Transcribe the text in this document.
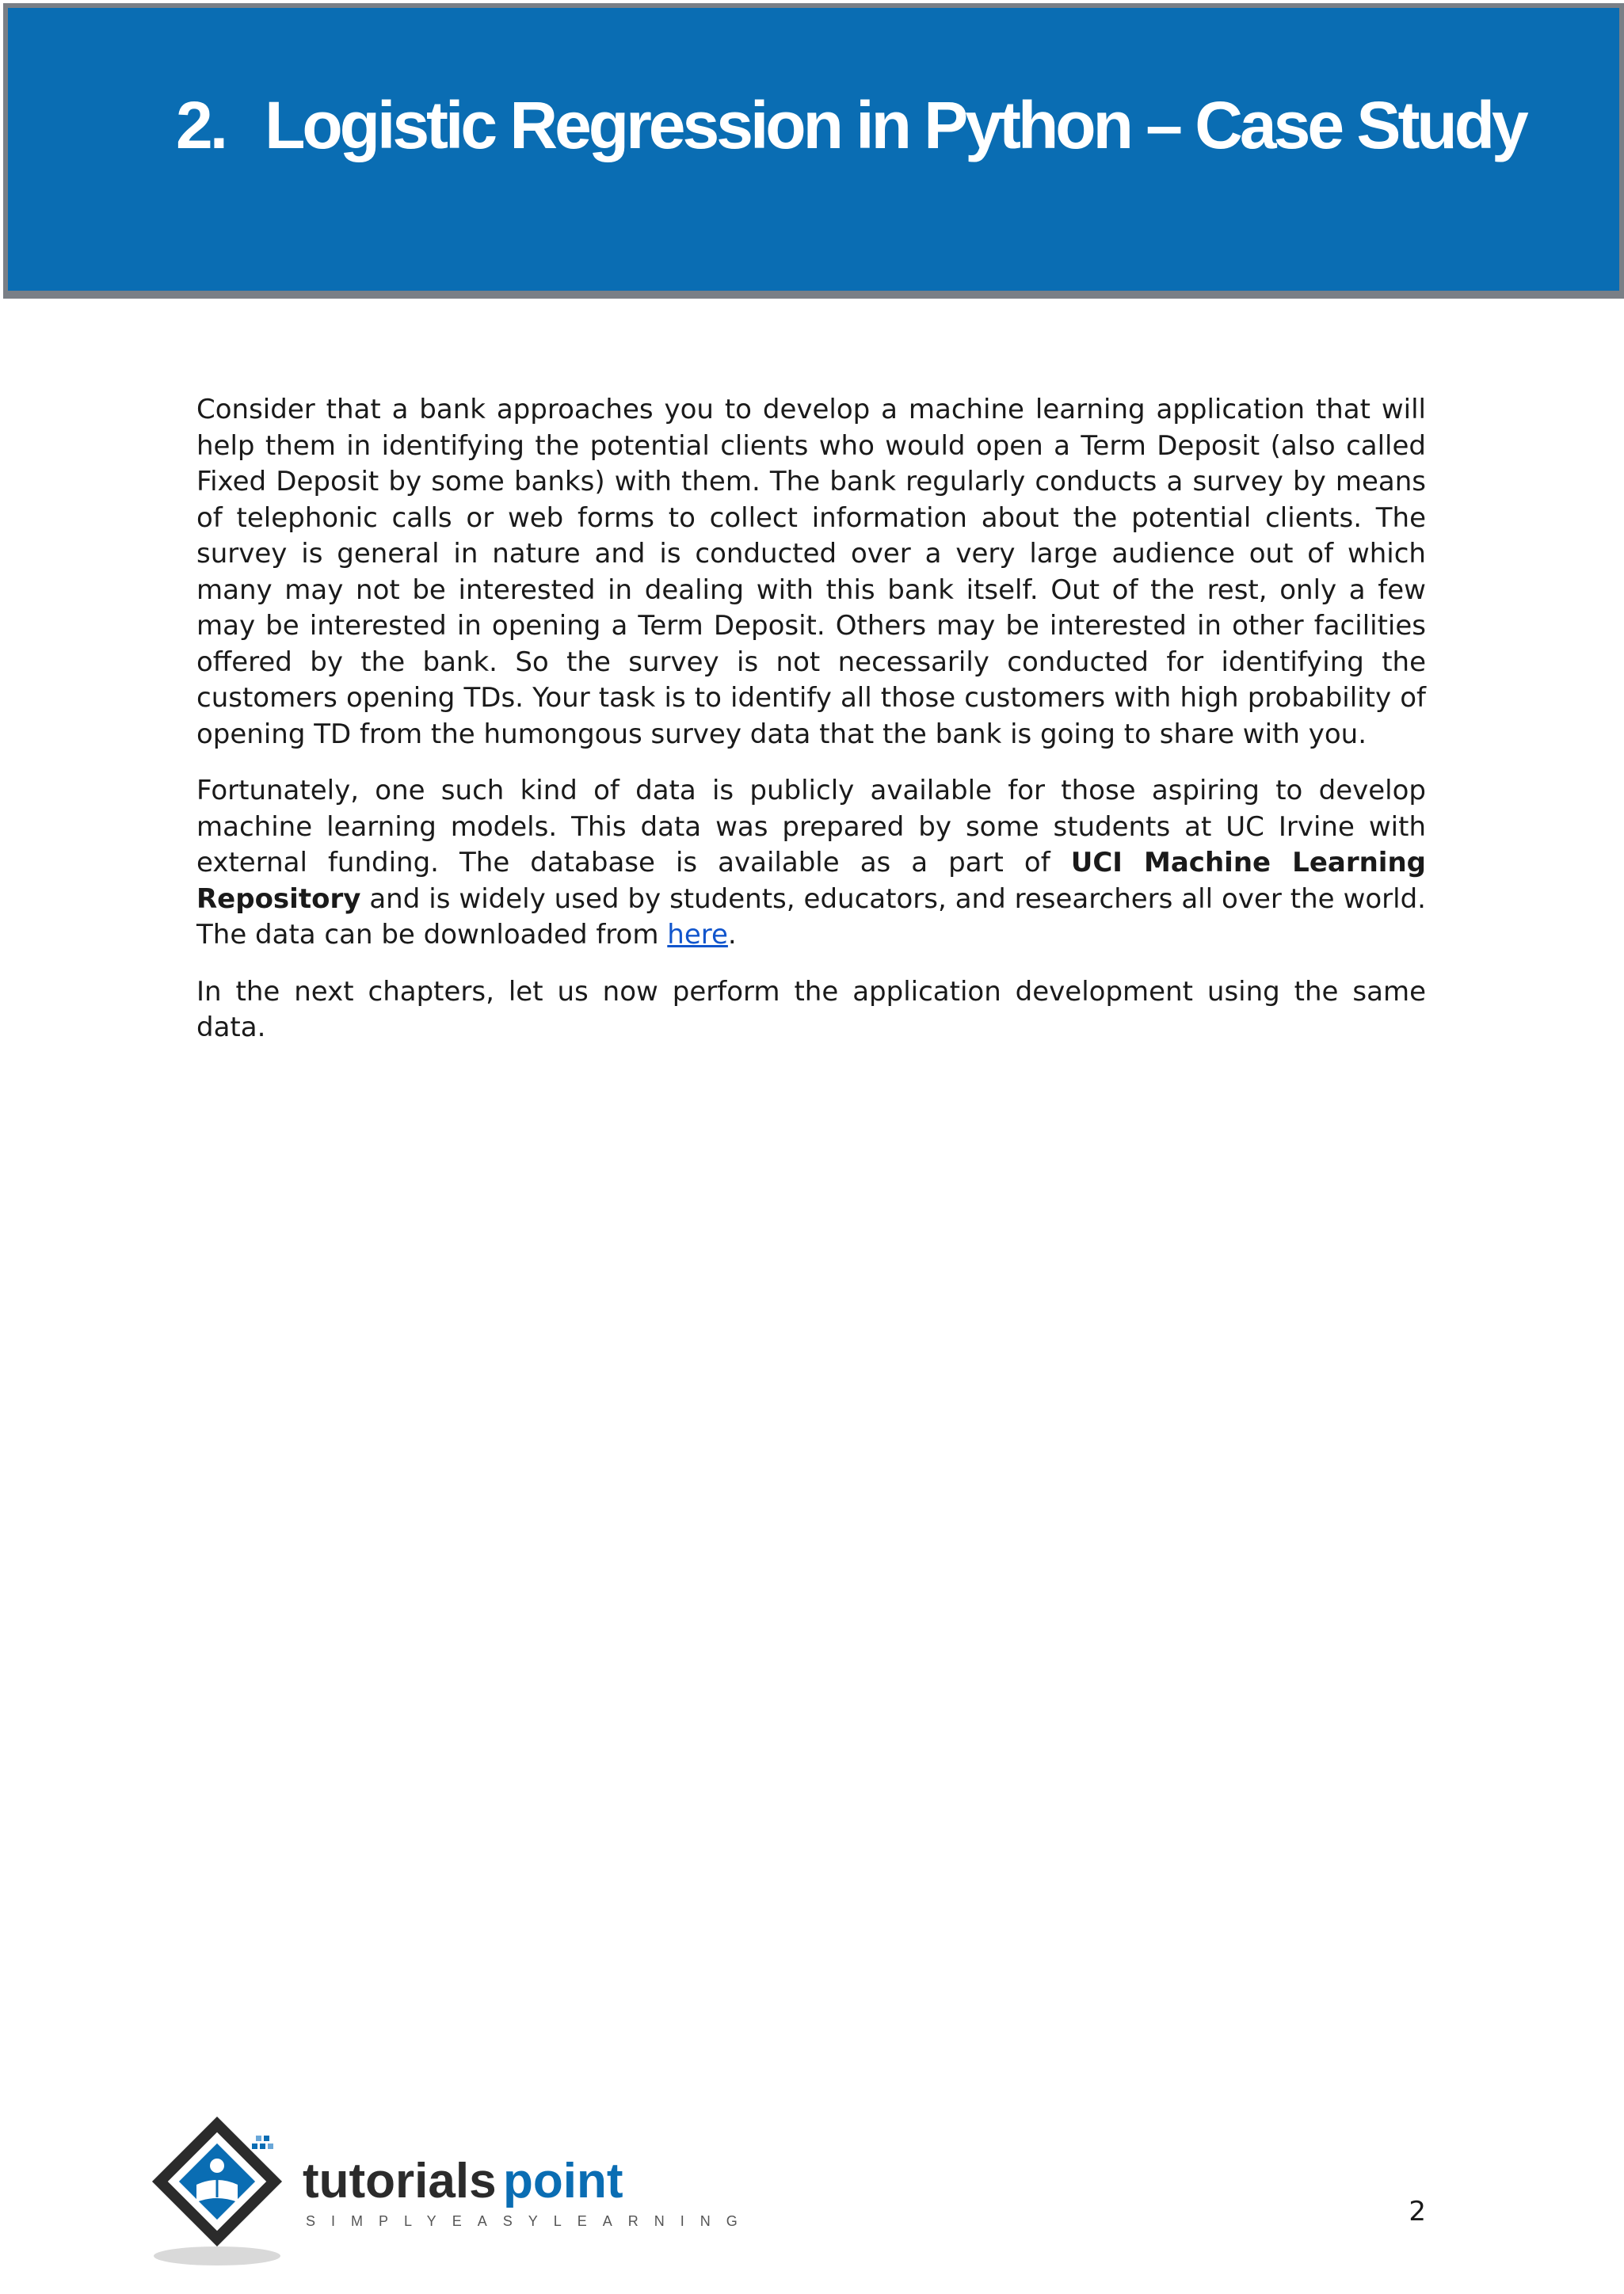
2. Logistic Regression in Python – Case Study

Consider that a bank approaches you to develop a machine learning application that will help them in identifying the potential clients who would open a Term Deposit (also called Fixed Deposit by some banks) with them. The bank regularly conducts a survey by means of telephonic calls or web forms to collect information about the potential clients. The survey is general in nature and is conducted over a very large audience out of which many may not be interested in dealing with this bank itself. Out of the rest, only a few may be interested in opening a Term Deposit. Others may be interested in other facilities offered by the bank. So the survey is not necessarily conducted for identifying the customers opening TDs. Your task is to identify all those customers with high probability of opening TD from the humongous survey data that the bank is going to share with you.

Fortunately, one such kind of data is publicly available for those aspiring to develop machine learning models. This data was prepared by some students at UC Irvine with external funding. The database is available as a part of UCI Machine Learning Repository and is widely used by students, educators, and researchers all over the world. The data can be downloaded from here.

In the next chapters, let us now perform the application development using the same data.

tutorials point
SIMPLYEASYLEARNING	2
